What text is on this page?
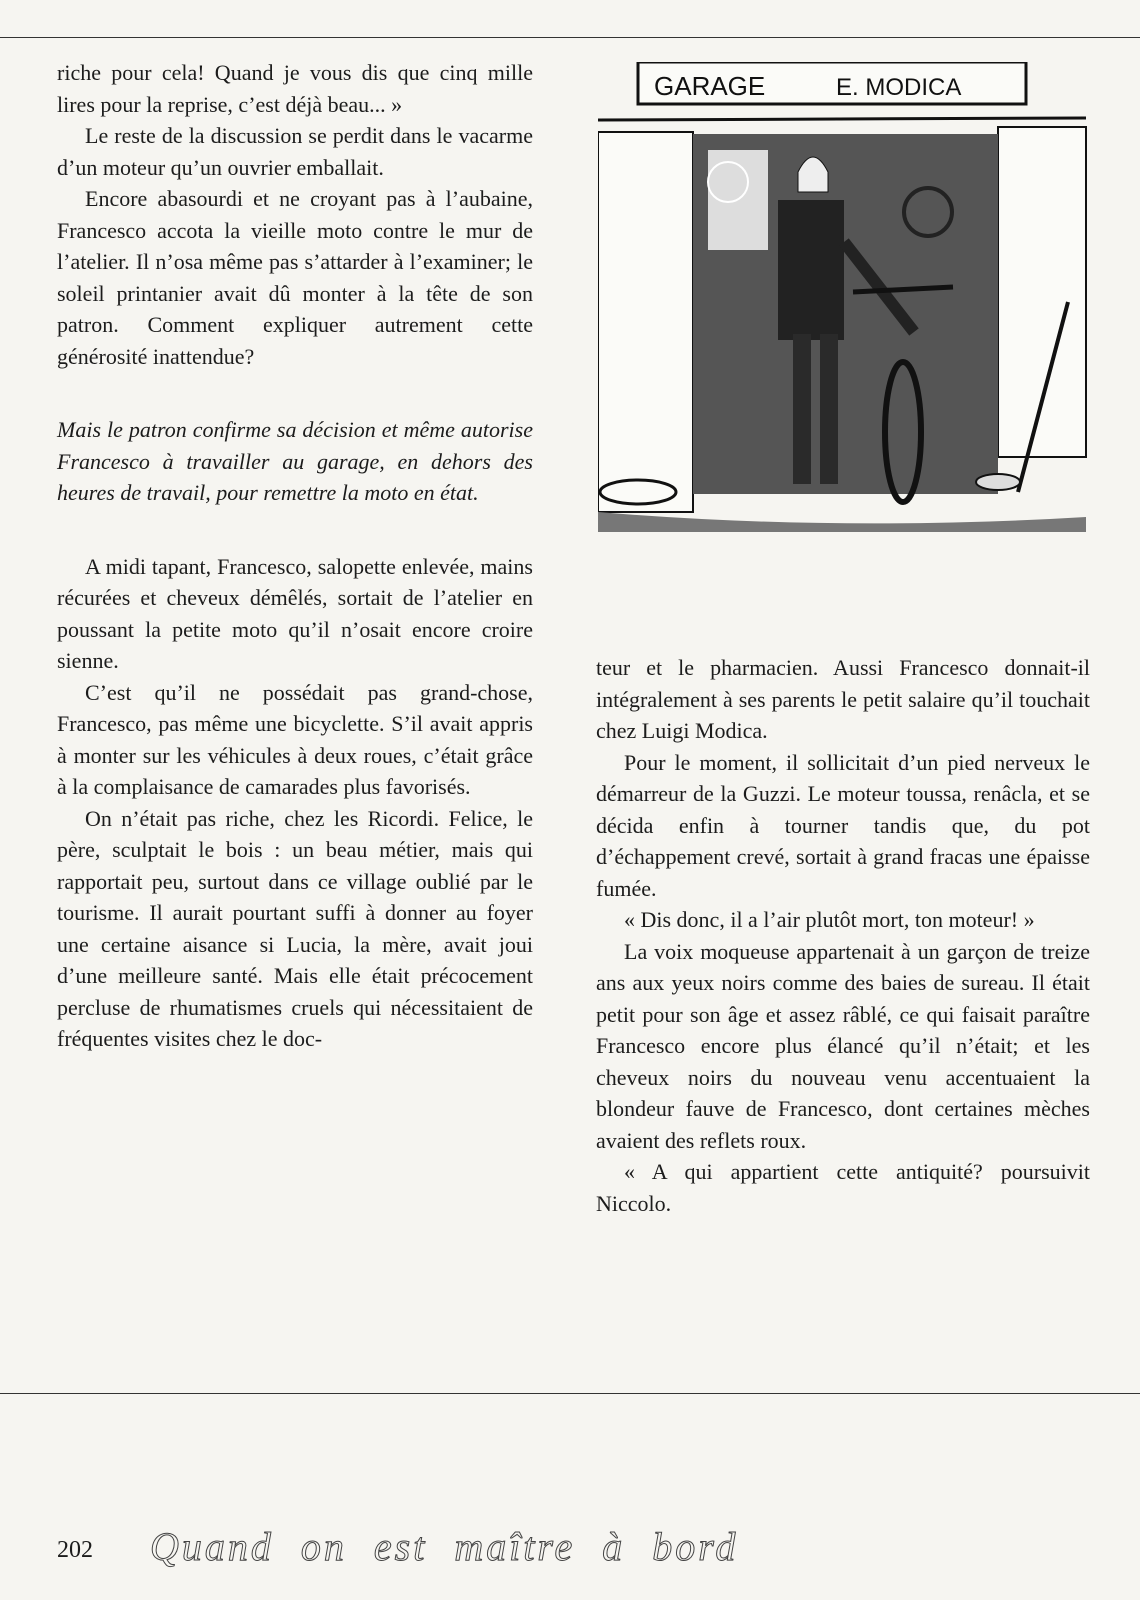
riche pour cela! Quand je vous dis que cinq mille lires pour la reprise, c’est déjà beau... »

Le reste de la discussion se perdit dans le vacarme d’un moteur qu’un ouvrier emballait.

Encore abasourdi et ne croyant pas à l’aubaine, Francesco accota la vieille moto contre le mur de l’atelier. Il n’osa même pas s’attarder à l’examiner; le soleil printanier avait dû monter à la tête de son patron. Comment expliquer autrement cette générosité inattendue?

Mais le patron confirme sa décision et même autorise Francesco à travailler au garage, en dehors des heures de travail, pour remettre la moto en état.

A midi tapant, Francesco, salopette enlevée, mains récurées et cheveux démêlés, sortait de l’atelier en poussant la petite moto qu’il n’osait encore croire sienne.

C’est qu’il ne possédait pas grand-chose, Francesco, pas même une bicyclette. S’il avait appris à monter sur les véhicules à deux roues, c’était grâce à la complaisance de camarades plus favorisés.

On n’était pas riche, chez les Ricordi. Felice, le père, sculptait le bois : un beau métier, mais qui rapportait peu, surtout dans ce village oublié par le tourisme. Il aurait pourtant suffi à donner au foyer une certaine aisance si Lucia, la mère, avait joui d’une meilleure santé. Mais elle était précocement percluse de rhumatismes cruels qui nécessitaient de fréquentes visites chez le doc-

GARAGE	E. MODICA

teur et le pharmacien. Aussi Francesco donnait-il intégralement à ses parents le petit salaire qu’il touchait chez Luigi Modica.

Pour le moment, il sollicitait d’un pied nerveux le démarreur de la Guzzi. Le moteur toussa, renâcla, et se décida enfin à tourner tandis que, du pot d’échappement crevé, sortait à grand fracas une épaisse fumée.

« Dis donc, il a l’air plutôt mort, ton moteur! »

La voix moqueuse appartenait à un garçon de treize ans aux yeux noirs comme des baies de sureau. Il était petit pour son âge et assez râblé, ce qui faisait paraître Francesco encore plus élancé qu’il n’était; et les cheveux noirs du nouveau venu accentuaient la blondeur fauve de Francesco, dont certaines mèches avaient des reflets roux.

« A qui appartient cette antiquité? poursuivit Niccolo.

202 Quand on est maître à bord
